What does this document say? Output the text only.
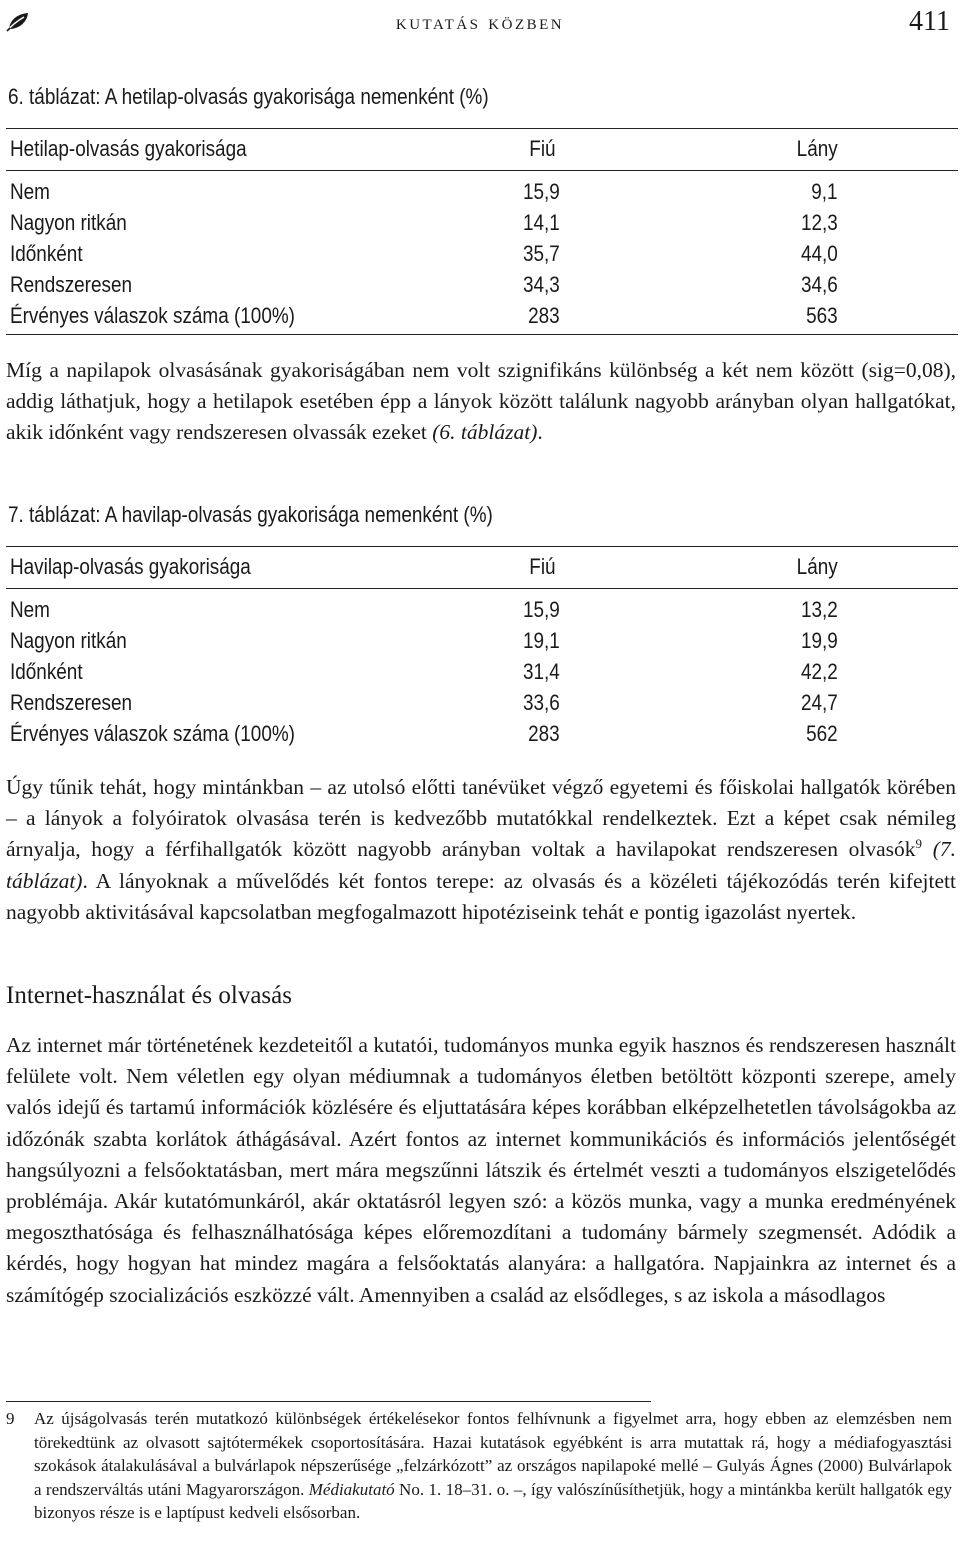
kutatás közben	411
6. táblázat: A hetilap-olvasás gyakorisága nemenként (%)
Hetilap-olvasás gyakorisága	Fiú	Lány
Nem	15,9	9,1
Nagyon ritkán	14,1	12,3
Időnként	35,7	44,0
Rendszeresen	34,3	34,6
Érvényes válaszok száma (100%)	283	563

Míg a napilapok olvasásának gyakoriságában nem volt szignifikáns különbség a két nem között (sig=0,08), addig láthatjuk, hogy a hetilapok esetében épp a lányok között találunk nagyobb arányban olyan hallgatókat, akik időnként vagy rendszeresen olvassák ezeket (6. táblázat).

7. táblázat: A havilap-olvasás gyakorisága nemenként (%)
Havilap-olvasás gyakorisága	Fiú	Lány
Nem	15,9	13,2
Nagyon ritkán	19,1	19,9
Időnként	31,4	42,2
Rendszeresen	33,6	24,7
Érvényes válaszok száma (100%)	283	562

Úgy tűnik tehát, hogy mintánkban – az utolsó előtti tanévüket végző egyetemi és főiskolai hallgatók körében – a lányok a folyóiratok olvasása terén is kedvezőbb mutatókkal rendelkeztek. Ezt a képet csak némileg árnyalja, hogy a férfihallgatók között nagyobb arányban voltak a havilapokat rendszeresen olvasók$^9$ (7. táblázat). A lányoknak a művelődés két fontos terepe: az olvasás és a közéleti tájékozódás terén kifejtett nagyobb aktivitásával kapcsolatban megfogalmazott hipotéziseink tehát e pontig igazolást nyertek.

Internet-használat és olvasás

Az internet már történetének kezdeteitől a kutatói, tudományos munka egyik hasznos és rendszeresen használt felülete volt. Nem véletlen egy olyan médiumnak a tudományos életben betöltött központi szerepe, amely valós idejű és tartamú információk közlésére és eljuttatására képes korábban elképzelhetetlen távolságokba az időzónák szabta korlátok áthágásával. Azért fontos az internet kommunikációs és információs jelentőségét hangsúlyozni a felsőoktatásban, mert mára megszűnni látszik és értelmét veszti a tudományos elszigetelődés problémája. Akár kutatómunkáról, akár oktatásról legyen szó: a közös munka, vagy a munka eredményének megoszthatósága és felhasználhatósága képes előremozdítani a tudomány bármely szegmensét. Adódik a kérdés, hogy hogyan hat mindez magára a felsőoktatás alanyára: a hallgatóra. Napjainkra az internet és a számítógép szocializációs eszközzé vált. Amennyiben a család az elsődleges, s az iskola a másodlagos

9	Az újságolvasás terén mutatkozó különbségek értékelésekor fontos felhívnunk a figyelmet arra, hogy ebben az elemzésben nem törekedtünk az olvasott sajtótermékek csoportosítására. Hazai kutatások egyébként is arra mutattak rá, hogy a médiafogyasztási szokások átalakulásával a bulvárlapok népszerűsége „felzárkózott” az országos napilapoké mellé – Gulyás Ágnes (2000) Bulvárlapok a rendszerváltás utáni Magyarországon. Médiakutató No. 1. 18–31. o. –, így valószínűsíthetjük, hogy a mintánkba került hallgatók egy bizonyos része is e laptípust kedveli elsősorban.
